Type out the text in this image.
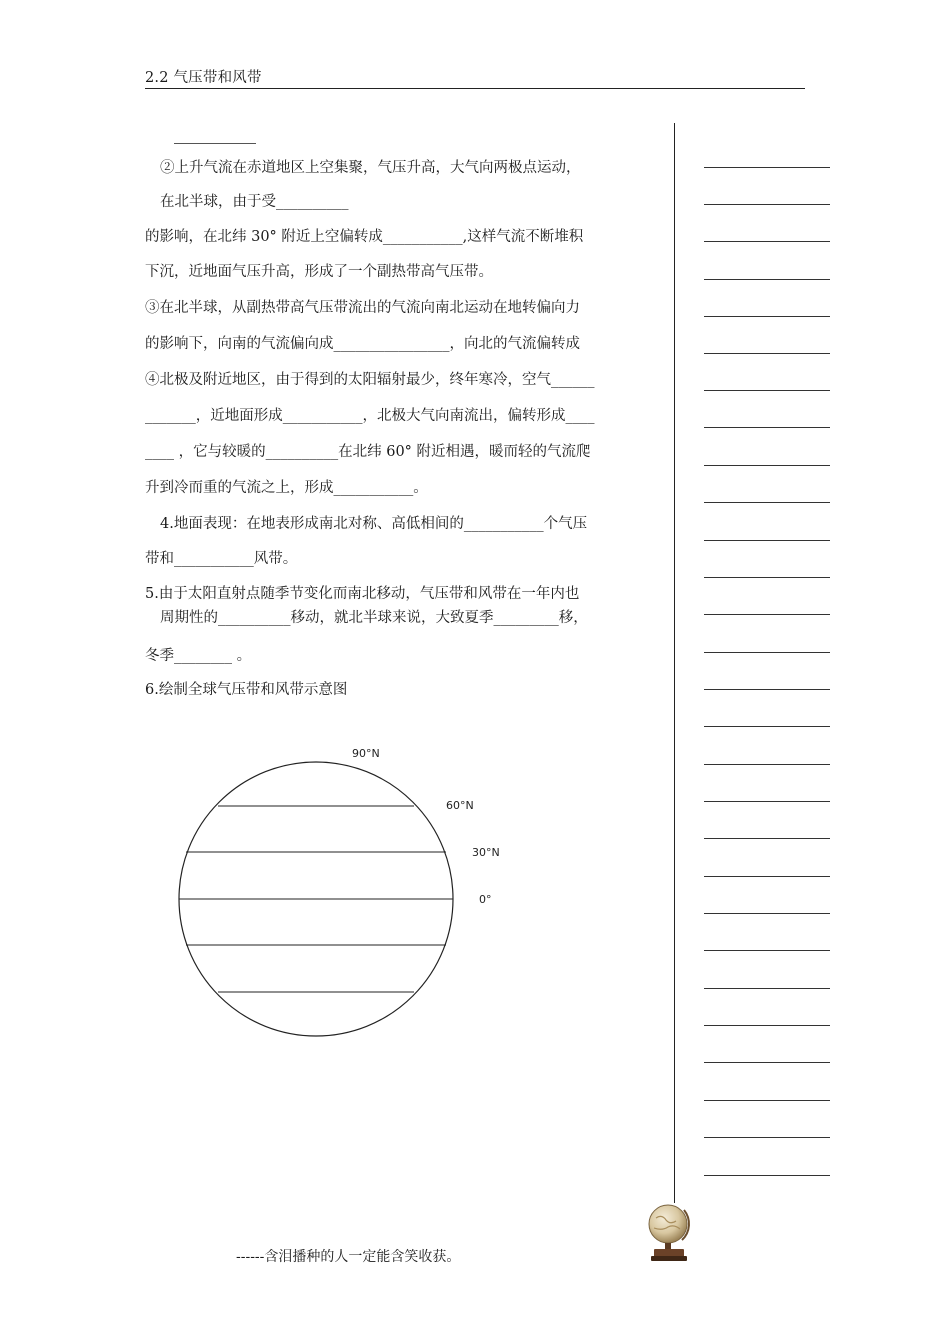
2.2 气压带和风带
②上升气流在赤道地区上空集聚，气压升高，大气向两极点运动，
在北半球，由于受__________
的影响，在北纬 30° 附近上空偏转成___________,这样气流不断堆积
下沉，近地面气压升高，形成了一个副热带高气压带。
③在北半球，从副热带高气压带流出的气流向南北运动在地转偏向力
的影响下，向南的气流偏向成________________，向北的气流偏转成
④北极及附近地区，由于得到的太阳辐射最少，终年寒冷，空气______
_______，近地面形成___________，北极大气向南流出，偏转形成____
____ ，它与较暖的__________在北纬 60° 附近相遇，暖而轻的气流爬
升到冷而重的气流之上，形成___________。
4.地面表现：在地表形成南北对称、高低相间的___________个气压
带和___________风带。
5.由于太阳直射点随季节变化而南北移动，气压带和风带在一年内也
周期性的__________移动，就北半球来说，大致夏季_________移，
冬季________ 。
6.绘制全球气压带和风带示意图
90°N
60°N
30°N
0°
------含泪播种的人一定能含笑收获。
